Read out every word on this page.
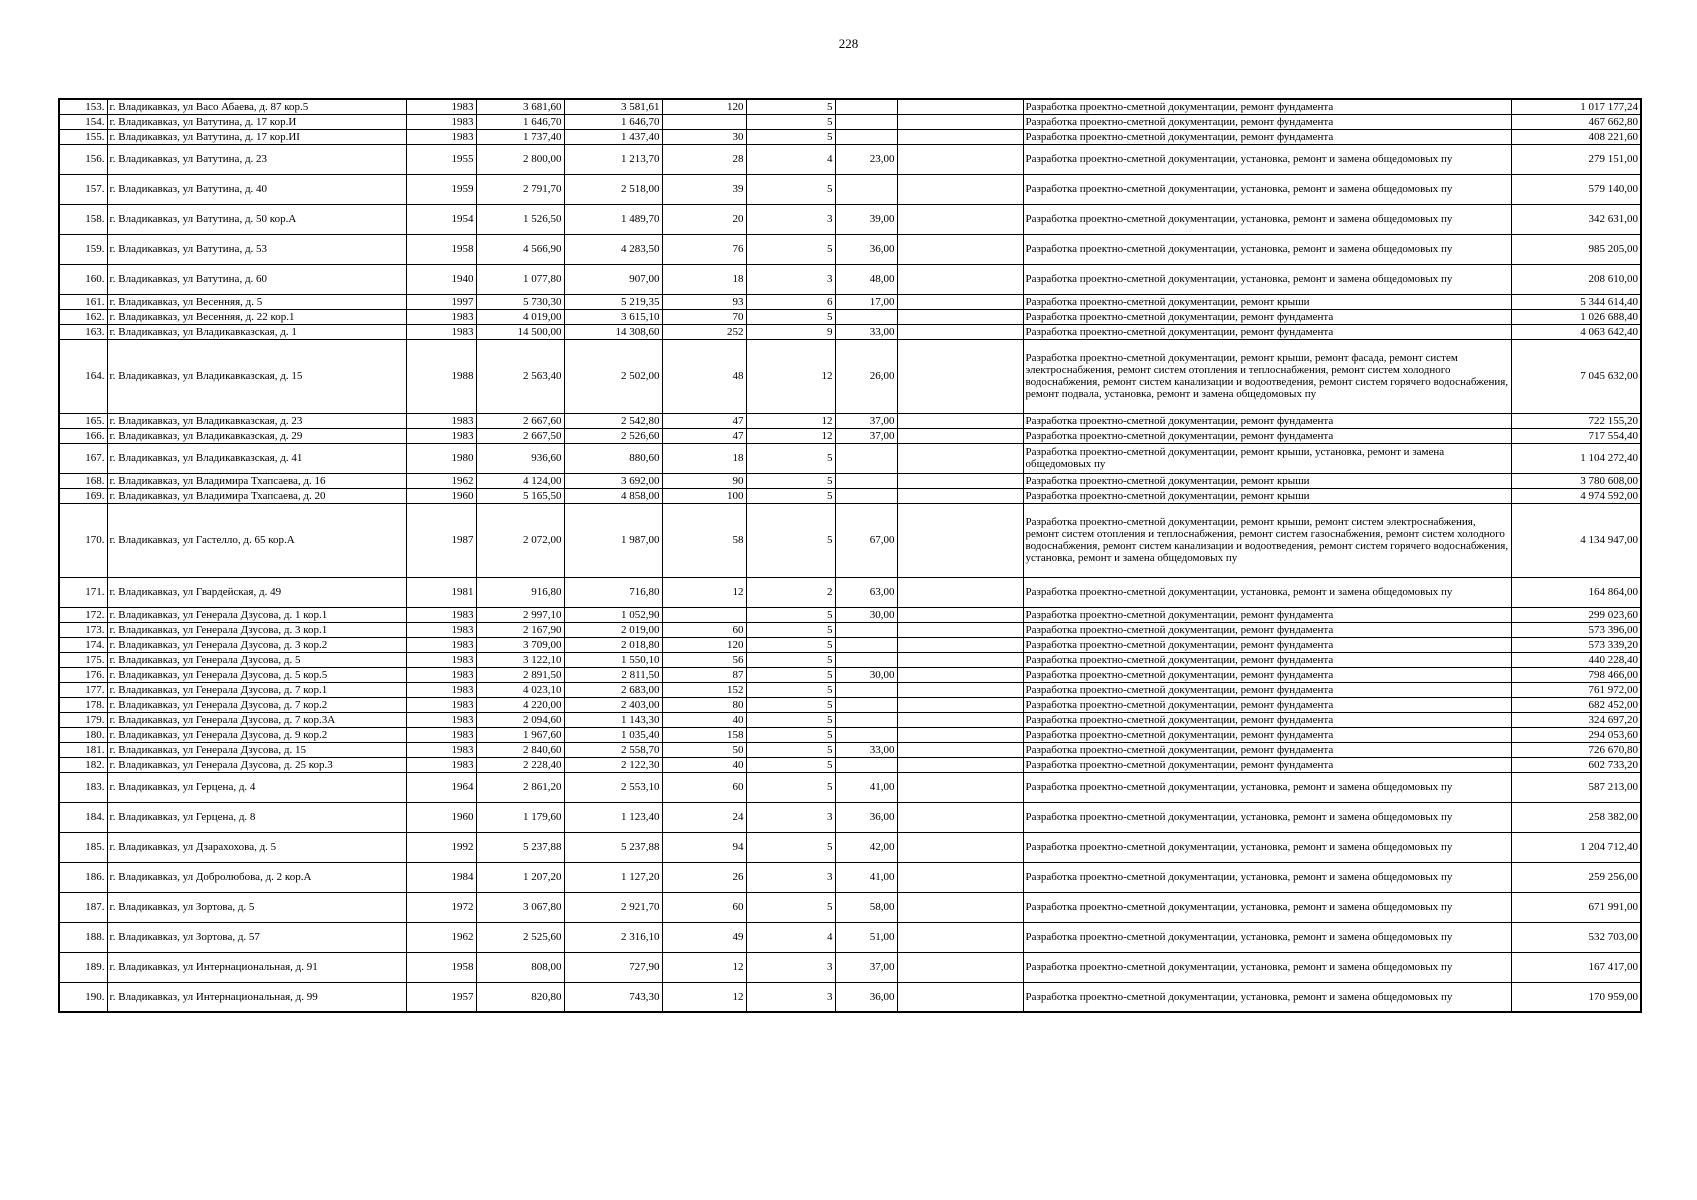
228
153.	г. Владикавказ, ул Васо Абаева, д. 87 кор.5	1983	3 681,60	3 581,61	120	5			Разработка проектно-сметной документации, ремонт фундамента	1 017 177,24
154.	г. Владикавказ, ул Ватутина, д. 17 кор.И	1983	1 646,70	1 646,70		5			Разработка проектно-сметной документации, ремонт фундамента	467 662,80
155.	г. Владикавказ, ул Ватутина, д. 17 кор.ИI	1983	1 737,40	1 437,40	30	5			Разработка проектно-сметной документации, ремонт фундамента	408 221,60
156.	г. Владикавказ, ул Ватутина, д. 23	1955	2 800,00	1 213,70	28	4	23,00		Разработка проектно-сметной документации, установка, ремонт и замена общедомовых пу	279 151,00
157.	г. Владикавказ, ул Ватутина, д. 40	1959	2 791,70	2 518,00	39	5			Разработка проектно-сметной документации, установка, ремонт и замена общедомовых пу	579 140,00
158.	г. Владикавказ, ул Ватутина, д. 50 кор.А	1954	1 526,50	1 489,70	20	3	39,00		Разработка проектно-сметной документации, установка, ремонт и замена общедомовых пу	342 631,00
159.	г. Владикавказ, ул Ватутина, д. 53	1958	4 566,90	4 283,50	76	5	36,00		Разработка проектно-сметной документации, установка, ремонт и замена общедомовых пу	985 205,00
160.	г. Владикавказ, ул Ватутина, д. 60	1940	1 077,80	907,00	18	3	48,00		Разработка проектно-сметной документации, установка, ремонт и замена общедомовых пу	208 610,00
161.	г. Владикавказ, ул Весенняя, д. 5	1997	5 730,30	5 219,35	93	6	17,00		Разработка проектно-сметной документации, ремонт крыши	5 344 614,40
162.	г. Владикавказ, ул Весенняя, д. 22 кор.1	1983	4 019,00	3 615,10	70	5			Разработка проектно-сметной документации, ремонт фундамента	1 026 688,40
163.	г. Владикавказ, ул Владикавказская, д. 1	1983	14 500,00	14 308,60	252	9	33,00		Разработка проектно-сметной документации, ремонт фундамента	4 063 642,40
164.	г. Владикавказ, ул Владикавказская, д. 15	1988	2 563,40	2 502,00	48	12	26,00		Разработка проектно-сметной документации, ремонт крыши, ремонт фасада, ремонт систем электроснабжения, ремонт систем отопления и теплоснабжения, ремонт систем холодного водоснабжения, ремонт систем канализации и водоотведения, ремонт систем горячего водоснабжения, ремонт подвала, установка, ремонт и замена общедомовых пу	7 045 632,00
165.	г. Владикавказ, ул Владикавказская, д. 23	1983	2 667,60	2 542,80	47	12	37,00		Разработка проектно-сметной документации, ремонт фундамента	722 155,20
166.	г. Владикавказ, ул Владикавказская, д. 29	1983	2 667,50	2 526,60	47	12	37,00		Разработка проектно-сметной документации, ремонт фундамента	717 554,40
167.	г. Владикавказ, ул Владикавказская, д. 41	1980	936,60	880,60	18	5			Разработка проектно-сметной документации, ремонт крыши, установка, ремонт и замена общедомовых пу	1 104 272,40
168.	г. Владикавказ, ул Владимира Тхапсаева, д. 16	1962	4 124,00	3 692,00	90	5			Разработка проектно-сметной документации, ремонт крыши	3 780 608,00
169.	г. Владикавказ, ул Владимира Тхапсаева, д. 20	1960	5 165,50	4 858,00	100	5			Разработка проектно-сметной документации, ремонт крыши	4 974 592,00
170.	г. Владикавказ, ул Гастелло, д. 65 кор.А	1987	2 072,00	1 987,00	58	5	67,00		Разработка проектно-сметной документации, ремонт крыши, ремонт систем электроснабжения, ремонт систем отопления и теплоснабжения, ремонт систем газоснабжения, ремонт систем холодного водоснабжения, ремонт систем канализации и водоотведения, ремонт систем горячего водоснабжения, установка, ремонт и замена общедомовых пу	4 134 947,00
171.	г. Владикавказ, ул Гвардейская, д. 49	1981	916,80	716,80	12	2	63,00		Разработка проектно-сметной документации, установка, ремонт и замена общедомовых пу	164 864,00
172.	г. Владикавказ, ул Генерала Дзусова, д. 1 кор.1	1983	2 997,10	1 052,90		5	30,00		Разработка проектно-сметной документации, ремонт фундамента	299 023,60
173.	г. Владикавказ, ул Генерала Дзусова, д. 3 кор.1	1983	2 167,90	2 019,00	60	5			Разработка проектно-сметной документации, ремонт фундамента	573 396,00
174.	г. Владикавказ, ул Генерала Дзусова, д. 3 кор.2	1983	3 709,00	2 018,80	120	5			Разработка проектно-сметной документации, ремонт фундамента	573 339,20
175.	г. Владикавказ, ул Генерала Дзусова, д. 5	1983	3 122,10	1 550,10	56	5			Разработка проектно-сметной документации, ремонт фундамента	440 228,40
176.	г. Владикавказ, ул Генерала Дзусова, д. 5 кор.5	1983	2 891,50	2 811,50	87	5	30,00		Разработка проектно-сметной документации, ремонт фундамента	798 466,00
177.	г. Владикавказ, ул Генерала Дзусова, д. 7 кор.1	1983	4 023,10	2 683,00	152	5			Разработка проектно-сметной документации, ремонт фундамента	761 972,00
178.	г. Владикавказ, ул Генерала Дзусова, д. 7 кор.2	1983	4 220,00	2 403,00	80	5			Разработка проектно-сметной документации, ремонт фундамента	682 452,00
179.	г. Владикавказ, ул Генерала Дзусова, д. 7 кор.3А	1983	2 094,60	1 143,30	40	5			Разработка проектно-сметной документации, ремонт фундамента	324 697,20
180.	г. Владикавказ, ул Генерала Дзусова, д. 9 кор.2	1983	1 967,60	1 035,40	158	5			Разработка проектно-сметной документации, ремонт фундамента	294 053,60
181.	г. Владикавказ, ул Генерала Дзусова, д. 15	1983	2 840,60	2 558,70	50	5	33,00		Разработка проектно-сметной документации, ремонт фундамента	726 670,80
182.	г. Владикавказ, ул Генерала Дзусова, д. 25 кор.3	1983	2 228,40	2 122,30	40	5			Разработка проектно-сметной документации, ремонт фундамента	602 733,20
183.	г. Владикавказ, ул Герцена, д. 4	1964	2 861,20	2 553,10	60	5	41,00		Разработка проектно-сметной документации, установка, ремонт и замена общедомовых пу	587 213,00
184.	г. Владикавказ, ул Герцена, д. 8	1960	1 179,60	1 123,40	24	3	36,00		Разработка проектно-сметной документации, установка, ремонт и замена общедомовых пу	258 382,00
185.	г. Владикавказ, ул Дзарахохова, д. 5	1992	5 237,88	5 237,88	94	5	42,00		Разработка проектно-сметной документации, установка, ремонт и замена общедомовых пу	1 204 712,40
186.	г. Владикавказ, ул Добролюбова, д. 2 кор.А	1984	1 207,20	1 127,20	26	3	41,00		Разработка проектно-сметной документации, установка, ремонт и замена общедомовых пу	259 256,00
187.	г. Владикавказ, ул Зортова, д. 5	1972	3 067,80	2 921,70	60	5	58,00		Разработка проектно-сметной документации, установка, ремонт и замена общедомовых пу	671 991,00
188.	г. Владикавказ, ул Зортова, д. 57	1962	2 525,60	2 316,10	49	4	51,00		Разработка проектно-сметной документации, установка, ремонт и замена общедомовых пу	532 703,00
189.	г. Владикавказ, ул Интернациональная, д. 91	1958	808,00	727,90	12	3	37,00		Разработка проектно-сметной документации, установка, ремонт и замена общедомовых пу	167 417,00
190.	г. Владикавказ, ул Интернациональная, д. 99	1957	820,80	743,30	12	3	36,00		Разработка проектно-сметной документации, установка, ремонт и замена общедомовых пу	170 959,00
